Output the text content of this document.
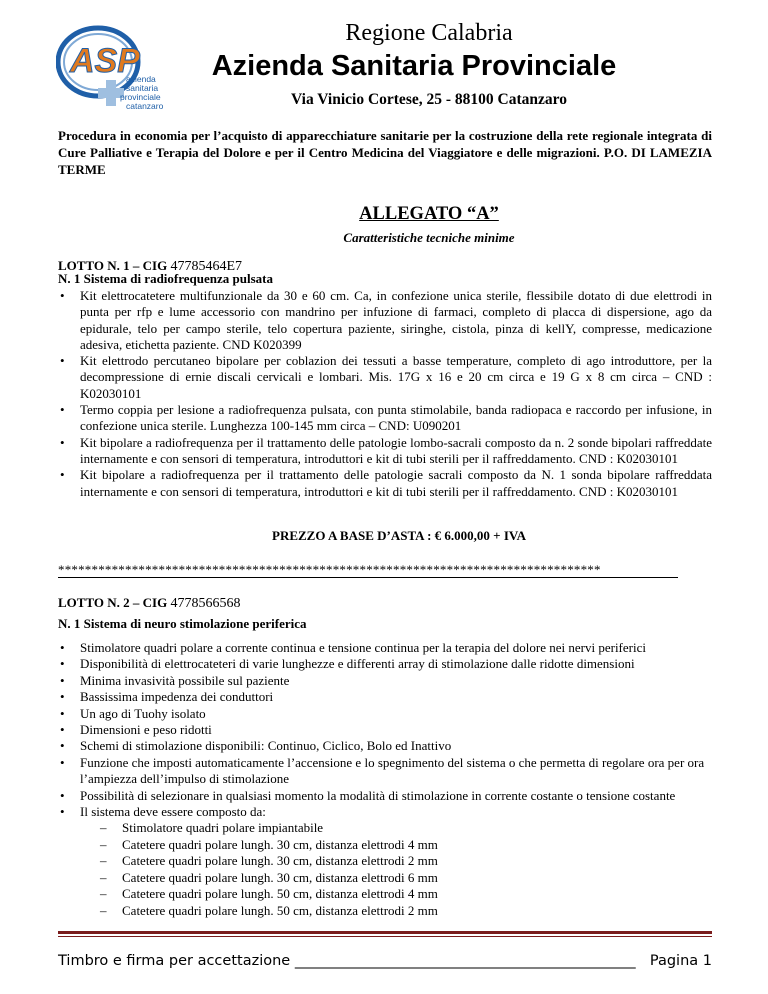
ASP
azienda
sanitaria
provinciale
catanzaro
Regione Calabria
Azienda Sanitaria Provinciale
Via Vinicio Cortese, 25 - 88100 Catanzaro
Procedura in economia per l’acquisto di apparecchiature sanitarie per la costruzione della rete regionale integrata di Cure Palliative e Terapia del Dolore e per il Centro Medicina del Viaggiatore e delle migrazioni. P.O. DI LAMEZIA TERME
ALLEGATO “A”
Caratteristiche tecniche minime
LOTTO N. 1 – CIG 47785464E7
N. 1 Sistema di radiofrequenza pulsata
• Kit elettrocatetere multifunzionale da 30 e 60 cm. Ca, in confezione unica sterile, flessibile dotato di due elettrodi in punta per rfp e lume accessorio con mandrino per infuzione di farmaci, completo di placca di dispersione, ago da epidurale, telo per campo sterile, telo copertura paziente, siringhe, cistola, pinza di kellY, compresse, medicazione adesiva, etichetta paziente. CND K020399
• Kit elettrodo percutaneo bipolare per coblazion dei tessuti a basse temperature, completo di ago introduttore, per la decompressione di ernie discali cervicali e lombari. Mis. 17G x 16 e 20 cm circa e 19 G x 8 cm circa – CND : K02030101
• Termo coppia per lesione a radiofrequenza pulsata, con punta stimolabile, banda radiopaca e raccordo per infusione, in confezione unica sterile. Lunghezza 100-145 mm circa – CND: U090201
• Kit bipolare a radiofrequenza per il trattamento delle patologie lombo-sacrali composto da n. 2 sonde bipolari raffreddate internamente e con sensori di temperatura, introduttori e kit di tubi sterili per il raffreddamento. CND : K02030101
• Kit bipolare a radiofrequenza per il trattamento delle patologie sacrali composto da N. 1 sonda bipolare raffreddata internamente e con sensori di temperatura, introduttori e kit di tubi sterili per il raffreddamento. CND : K02030101
PREZZO A BASE D’ASTA : € 6.000,00 + IVA
*********************************************************************************
LOTTO N. 2 – CIG 4778566568
N. 1 Sistema di neuro stimolazione periferica
• Stimolatore quadri polare a corrente continua e tensione continua per la terapia del dolore nei nervi periferici
• Disponibilità di elettrocateteri di varie lunghezze e differenti array di stimolazione dalle ridotte dimensioni
• Minima invasività possibile sul paziente
• Bassissima impedenza dei conduttori
• Un ago di Tuohy isolato
• Dimensioni e peso ridotti
• Schemi di stimolazione disponibili: Continuo, Ciclico, Bolo ed Inattivo
• Funzione che imposti automaticamente l’accensione e lo spegnimento del sistema o che permetta di regolare ora per ora l’ampiezza dell’impulso di stimolazione
• Possibilità di selezionare in qualsiasi momento la modalità di stimolazione in corrente costante o tensione costante
• Il sistema deve essere composto da:
– Stimolatore quadri polare impiantabile
– Catetere quadri polare lungh. 30 cm, distanza elettrodi 4 mm
– Catetere quadri polare lungh. 30 cm, distanza elettrodi 2 mm
– Catetere quadri polare lungh. 30 cm, distanza elettrodi 6 mm
– Catetere quadri polare lungh. 50 cm, distanza elettrodi 4 mm
– Catetere quadri polare lungh. 50 cm, distanza elettrodi 2 mm
Timbro e firma per accettazione _______________________________________________ Pagina 1
